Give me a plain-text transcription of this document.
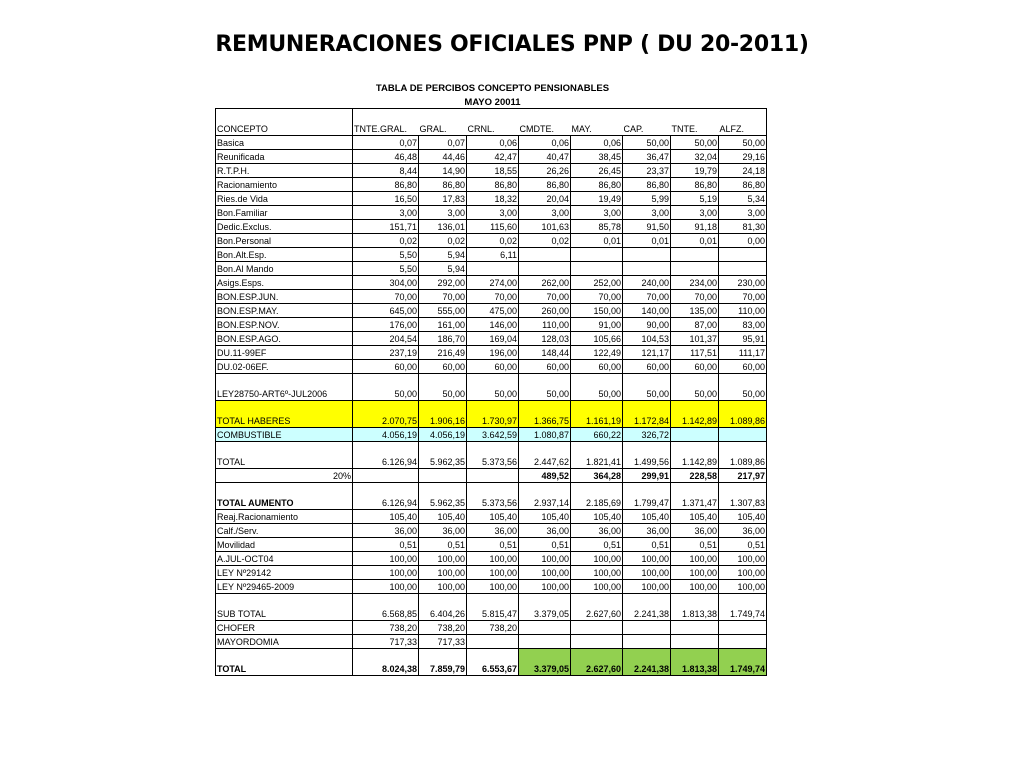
REMUNERACIONES OFICIALES PNP ( DU 20-2011)
TABLA DE PERCIBOS CONCEPTO PENSIONABLES
MAYO 20011
CONCEPTO	TNTE.GRAL.	GRAL.	CRNL.	CMDTE.	MAY.	CAP.	TNTE.	ALFZ.
Basica	0,07	0,07	0,06	0,06	0,06	50,00	50,00	50,00
Reunificada	46,48	44,46	42,47	40,47	38,45	36,47	32,04	29,16
R.T.P.H.	8,44	14,90	18,55	26,26	26,45	23,37	19,79	24,18
Racionamiento	86,80	86,80	86,80	86,80	86,80	86,80	86,80	86,80
Ries.de Vida	16,50	17,83	18,32	20,04	19,49	5,99	5,19	5,34
Bon.Familiar	3,00	3,00	3,00	3,00	3,00	3,00	3,00	3,00
Dedic.Exclus.	151,71	136,01	115,60	101,63	85,78	91,50	91,18	81,30
Bon.Personal	0,02	0,02	0,02	0,02	0,01	0,01	0,01	0,00
Bon.Alt.Esp.	5,50	5,94	6,11					
Bon.Al Mando	5,50	5,94						
Asigs.Esps.	304,00	292,00	274,00	262,00	252,00	240,00	234,00	230,00
BON.ESP.JUN.	70,00	70,00	70,00	70,00	70,00	70,00	70,00	70,00
BON.ESP.MAY.	645,00	555,00	475,00	260,00	150,00	140,00	135,00	110,00
BON.ESP.NOV.	176,00	161,00	146,00	110,00	91,00	90,00	87,00	83,00
BON.ESP.AGO.	204,54	186,70	169,04	128,03	105,66	104,53	101,37	95,91
DU.11-99EF	237,19	216,49	196,00	148,44	122,49	121,17	117,51	111,17
DU.02-06EF.	60,00	60,00	60,00	60,00	60,00	60,00	60,00	60,00
LEY28750-ART6º-JUL2006	50,00	50,00	50,00	50,00	50,00	50,00	50,00	50,00
TOTAL HABERES	2.070,75	1.906,16	1.730,97	1.366,75	1.161,19	1.172,84	1.142,89	1.089,86
COMBUSTIBLE	4.056,19	4.056,19	3.642,59	1.080,87	660,22	326,72		
TOTAL	6.126,94	5.962,35	5.373,56	2.447,62	1.821,41	1.499,56	1.142,89	1.089,86
20%				489,52	364,28	299,91	228,58	217,97
TOTAL AUMENTO	6.126,94	5.962,35	5.373,56	2.937,14	2.185,69	1.799,47	1.371,47	1.307,83
Reaj.Racionamiento	105,40	105,40	105,40	105,40	105,40	105,40	105,40	105,40
Calf./Serv.	36,00	36,00	36,00	36,00	36,00	36,00	36,00	36,00
Movilidad	0,51	0,51	0,51	0,51	0,51	0,51	0,51	0,51
A.JUL-OCT04	100,00	100,00	100,00	100,00	100,00	100,00	100,00	100,00
LEY Nº29142	100,00	100,00	100,00	100,00	100,00	100,00	100,00	100,00
LEY Nº29465-2009	100,00	100,00	100,00	100,00	100,00	100,00	100,00	100,00
SUB TOTAL	6.568,85	6.404,26	5.815,47	3.379,05	2.627,60	2.241,38	1.813,38	1.749,74
CHOFER	738,20	738,20	738,20					
MAYORDOMIA	717,33	717,33						
TOTAL	8.024,38	7.859,79	6.553,67	3.379,05	2.627,60	2.241,38	1.813,38	1.749,74
